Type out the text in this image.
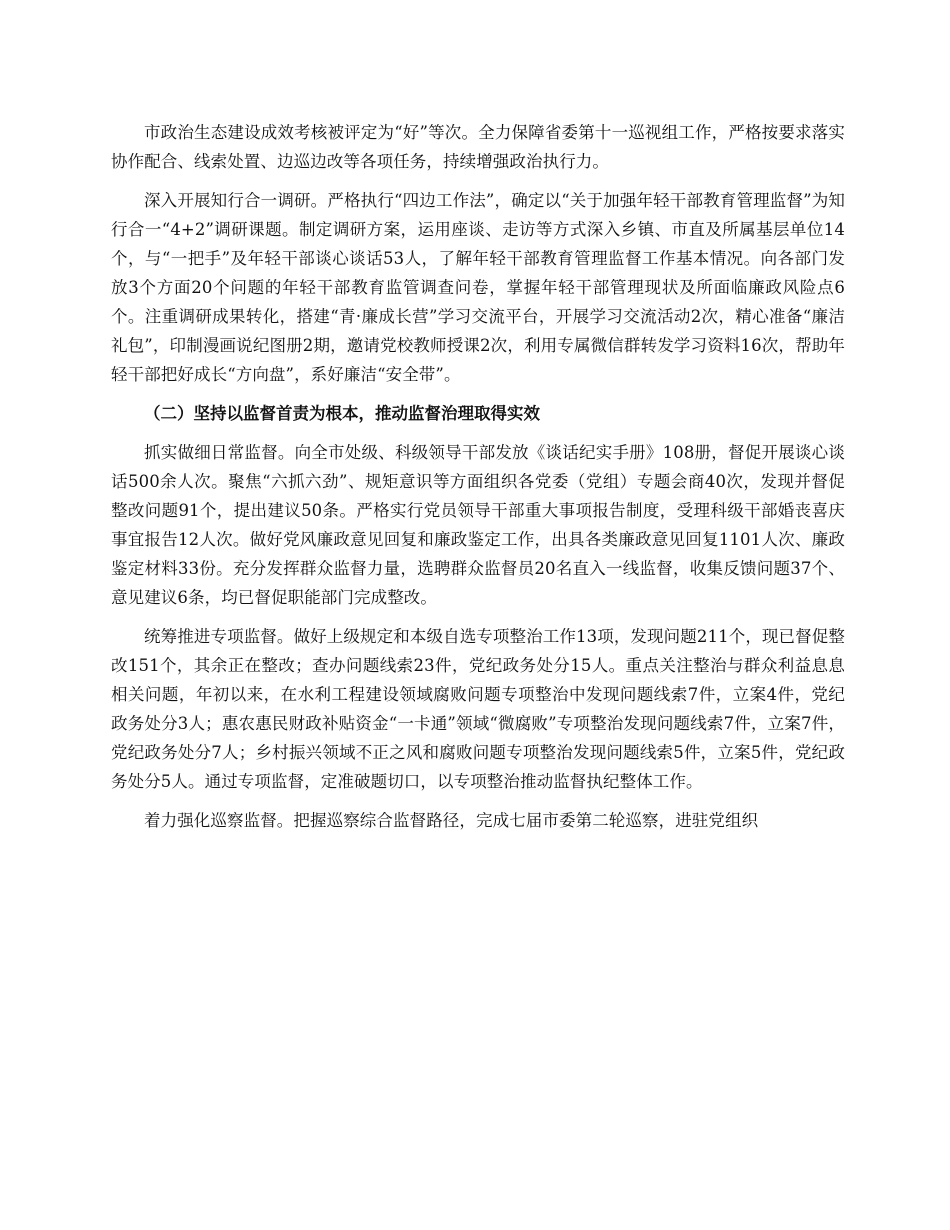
市政治生态建设成效考核被评定为“好”等次。全力保障省委第十一巡视组工作，严格按要求落实协作配合、线索处置、边巡边改等各项任务，持续增强政治执行力。

深入开展知行合一调研。严格执行“四边工作法”，确定以“关于加强年轻干部教育管理监督”为知行合一“4+2”调研课题。制定调研方案，运用座谈、走访等方式深入乡镇、市直及所属基层单位14个，与“一把手”及年轻干部谈心谈话53人，了解年轻干部教育管理监督工作基本情况。向各部门发放3个方面20个问题的年轻干部教育监管调查问卷，掌握年轻干部管理现状及所面临廉政风险点6个。注重调研成果转化，搭建“青·廉成长营”学习交流平台，开展学习交流活动2次，精心准备“廉洁礼包”，印制漫画说纪图册2期，邀请党校教师授课2次，利用专属微信群转发学习资料16次，帮助年轻干部把好成长“方向盘”，系好廉洁“安全带”。

（二）坚持以监督首责为根本，推动监督治理取得实效

抓实做细日常监督。向全市处级、科级领导干部发放《谈话纪实手册》108册，督促开展谈心谈话500余人次。聚焦“六抓六劲”、规矩意识等方面组织各党委（党组）专题会商40次，发现并督促整改问题91个，提出建议50条。严格实行党员领导干部重大事项报告制度，受理科级干部婚丧喜庆事宜报告12人次。做好党风廉政意见回复和廉政鉴定工作，出具各类廉政意见回复1101人次、廉政鉴定材料33份。充分发挥群众监督力量，选聘群众监督员20名直入一线监督，收集反馈问题37个、意见建议6条，均已督促职能部门完成整改。

统筹推进专项监督。做好上级规定和本级自选专项整治工作13项，发现问题211个，现已督促整改151个，其余正在整改；查办问题线索23件，党纪政务处分15人。重点关注整治与群众利益息息相关问题，年初以来，在水利工程建设领域腐败问题专项整治中发现问题线索7件，立案4件，党纪政务处分3人；惠农惠民财政补贴资金“一卡通”领域“微腐败”专项整治发现问题线索7件，立案7件，党纪政务处分7人；乡村振兴领域不正之风和腐败问题专项整治发现问题线索5件，立案5件，党纪政务处分5人。通过专项监督，定准破题切口，以专项整治推动监督执纪整体工作。

着力强化巡察监督。把握巡察综合监督路径，完成七届市委第二轮巡察，进驻党组织
